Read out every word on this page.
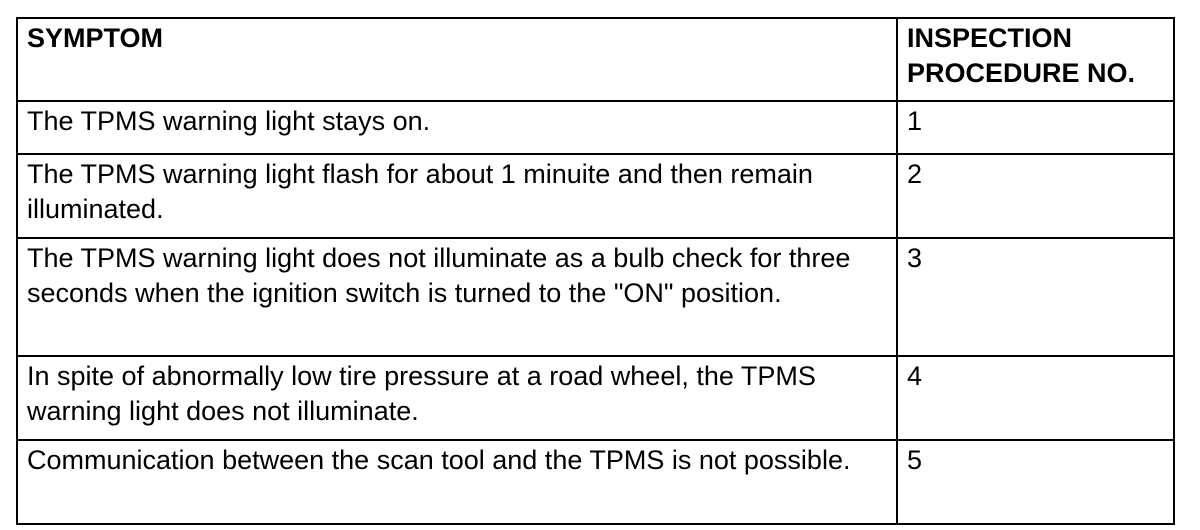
SYMPTOM	INSPECTION PROCEDURE NO.
The TPMS warning light stays on.	1
The TPMS warning light flash for about 1 minuite and then remain illuminated.	2
The TPMS warning light does not illuminate as a bulb check for three seconds when the ignition switch is turned to the "ON" position.	3
In spite of abnormally low tire pressure at a road wheel, the TPMS warning light does not illuminate.	4
Communication between the scan tool and the TPMS is not possible.	5
